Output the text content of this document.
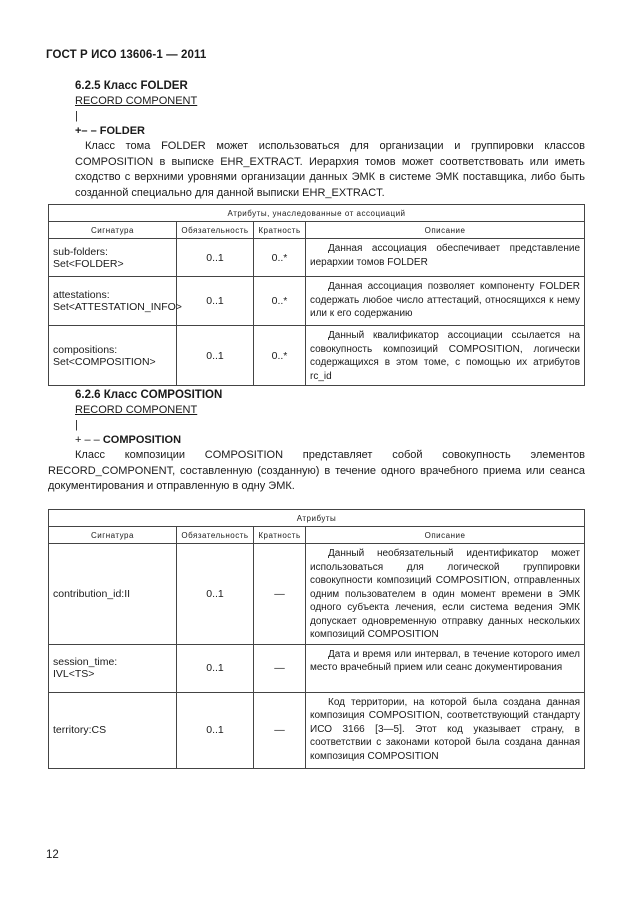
ГОСТ Р ИСО 13606-1 — 2011
6.2.5 Класс FOLDER
RECORD COMPONENT
|
+– – FOLDER
Класс тома FOLDER может использоваться для организации и группировки классов COMPOSITION в выписке EHR_EXTRACT. Иерархия томов может соответствовать или иметь сходство с верхними уровнями организации данных ЭМК в системе ЭМК поставщика, либо быть созданной специально для данной выписки EHR_EXTRACT.
Атрибуты, унаследованные от ассоциаций			
Сигнатура	Обязательность	Кратность	Описание
sub-folders:
Set<FOLDER>	0..1	0..*	Данная ассоциация обеспечивает представление иерархии томов FOLDER
attestations:
Set<ATTESTATION_INFO>	0..1	0..*	Данная ассоциация позволяет компоненту FOLDER содержать любое число аттестаций, относящихся к нему или к его содержанию
compositions:
Set<COMPOSITION>	0..1	0..*	Данный квалификатор ассоциации ссылается на совокупность композиций COMPOSITION, логически содержащихся в этом томе, с помощью их атрибутов rc_id
6.2.6 Класс COMPOSITION
RECORD COMPONENT
|
+ – – COMPOSITION
Класс композиции COMPOSITION представляет собой совокупность элементов RECORD_COMPONENT, составленную (созданную) в течение одного врачебного приема или сеанса документирования и отправленную в одну ЭМК.
Атрибуты			
Сигнатура	Обязательность	Кратность	Описание
contribution_id:II	0..1	—	Данный необязательный идентификатор может использоваться для логической группировки совокупности композиций COMPOSITION, отправленных одним пользователем в один момент времени в ЭМК одного субъекта лечения, если система ведения ЭМК допускает одновременную отправку данных нескольких композиций COMPOSITION
session_time:
IVL<TS>	0..1	—	Дата и время или интервал, в течение которого имел место врачебный прием или сеанс документирования
territory:CS	0..1	—	Код территории, на которой была создана данная композиция COMPOSITION, соответствующий стандарту ИСО 3166 [3—5]. Этот код указывает страну, в соответствии с законами которой была создана данная композиция COMPOSITION
12
